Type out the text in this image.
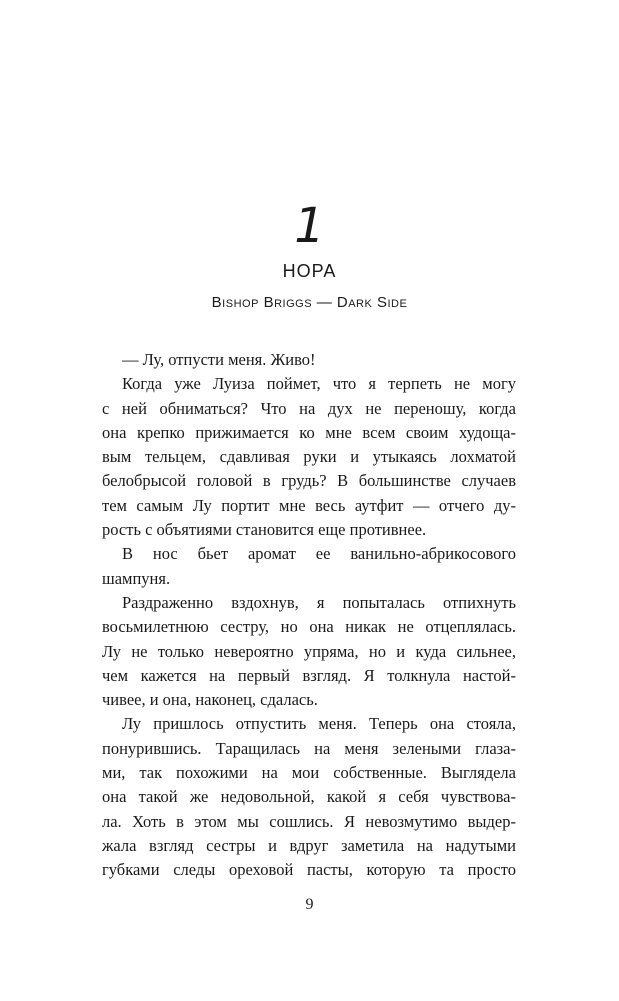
1
НОРА
Bishop Briggs — Dark Side
— Лу, отпусти меня. Живо!
Когда уже Луиза поймет, что я терпеть не могу
с ней обниматься? Что на дух не переношу, когда
она крепко прижимается ко мне всем своим худоща-
вым тельцем, сдавливая руки и утыкаясь лохматой
белобрысой головой в грудь? В большинстве случаев
тем самым Лу портит мне весь аутфит — отчего ду-
рость с объятиями становится еще противнее.
В нос бьет аромат ее ванильно-абрикосового
шампуня.
Раздраженно вздохнув, я попыталась отпихнуть
восьмилетнюю сестру, но она никак не отцеплялась.
Лу не только невероятно упряма, но и куда сильнее,
чем кажется на первый взгляд. Я толкнула настой-
чивее, и она, наконец, сдалась.
Лу пришлось отпустить меня. Теперь она стояла,
понурившись. Таращилась на меня зелеными глаза-
ми, так похожими на мои собственные. Выглядела
она такой же недовольной, какой я себя чувствова-
ла. Хоть в этом мы сошлись. Я невозмутимо выдер-
жала взгляд сестры и вдруг заметила на надутыми
губками следы ореховой пасты, которую та просто
9
